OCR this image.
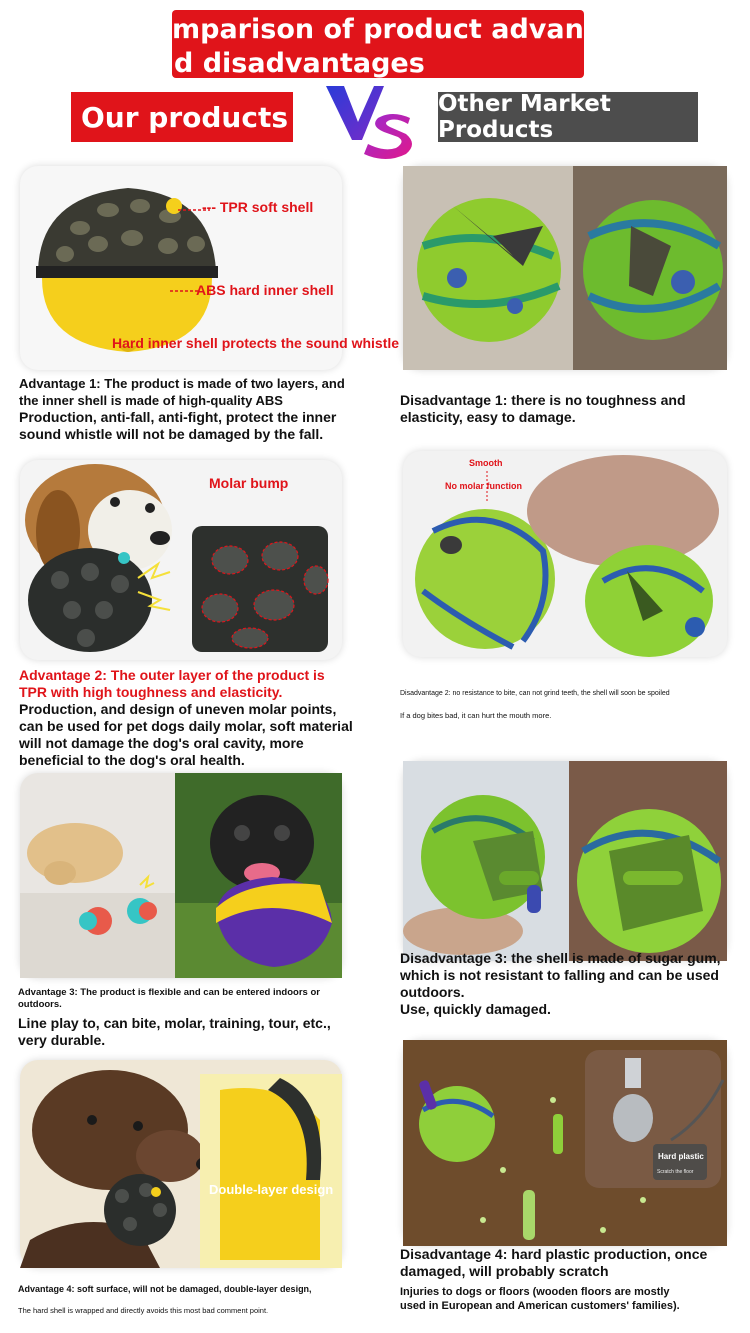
mparison of product advantag
d disadvantages
Our products	Other Market Products
--- TPR soft shell
ABS hard inner shell
Hard inner shell protects the sound whistle
Advantage 1: The product is made of two layers, and
the inner shell is made of high-quality ABS
Production, anti-fall, anti-fight, protect the inner
sound whistle will not be damaged by the fall.
Molar bump
Advantage 2: The outer layer of the product is
TPR with high toughness and elasticity.
Production, and design of uneven molar points,
can be used for pet dogs daily molar, soft material
will not damage the dog's oral cavity, more
beneficial to the dog's oral health.
Advantage 3: The product is flexible and can be entered indoors or
outdoors.
Line play to, can bite, molar, training, tour, etc.,
very durable.
Double-layer design
Advantage 4: soft surface, will not be damaged, double-layer design,
The hard shell is wrapped and directly avoids this most bad comment point.
Disadvantage 1: there is no toughness and
elasticity, easy to damage.
Smooth
No molar function
Disadvantage 2: no resistance to bite, can not grind teeth, the shell will soon be spoiled
If a dog bites bad, it can hurt the mouth more.
Disadvantage 3: the shell is made of sugar gum,
which is not resistant to falling and can be used
outdoors.
Use, quickly damaged.
Hard plastic
Scratch the floor
Disadvantage 4: hard plastic production, once
damaged, will probably scratch
Injuries to dogs or floors (wooden floors are mostly
used in European and American customers' families).
